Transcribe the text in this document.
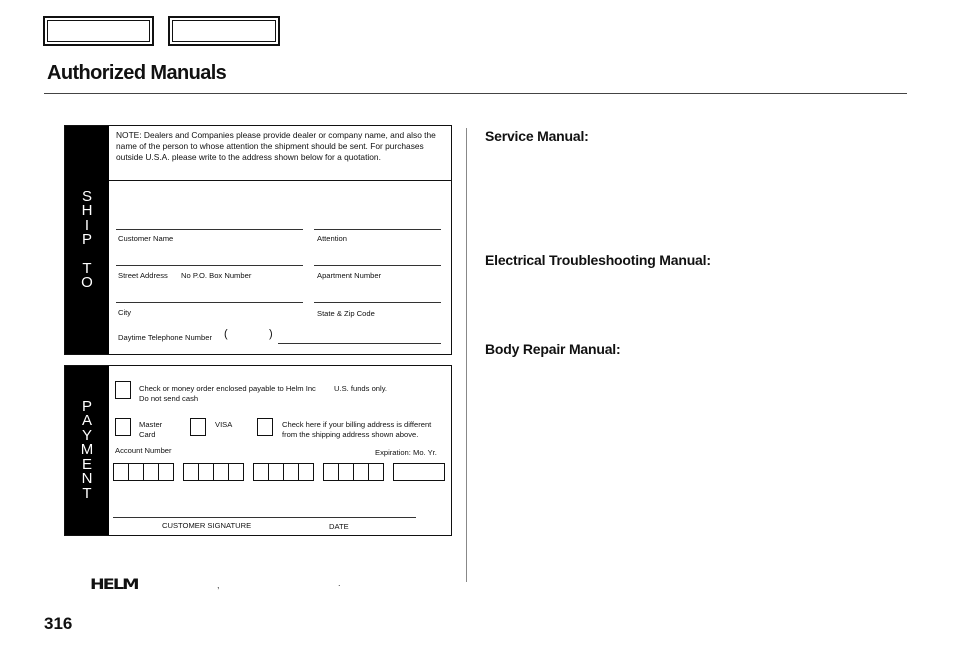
Authorized Manuals
S
H
I
P
T
O
NOTE: Dealers and Companies please provide dealer or company name, and also the name of the person to whose attention the shipment should be sent. For purchases outside U.S.A. please write to the address shown below for a quotation.
Customer Name	Attention
Street Address No P.O. Box Number	Apartment Number
City	State & Zip Code
Daytime Telephone Number (	)
P
A
Y
M
E
N
T
Check or money order enclosed payable to Helm Inc U.S. funds only.
Do not send cash
Master
Card
VISA	Check here if your billing address is different
from the shipping address shown above.
Account Number	Expiration: Mo. Yr.
CUSTOMER SIGNATURE	DATE
Service Manual:
Electrical Troubleshooting Manual:
Body Repair Manual:
HELM	,	.
316
